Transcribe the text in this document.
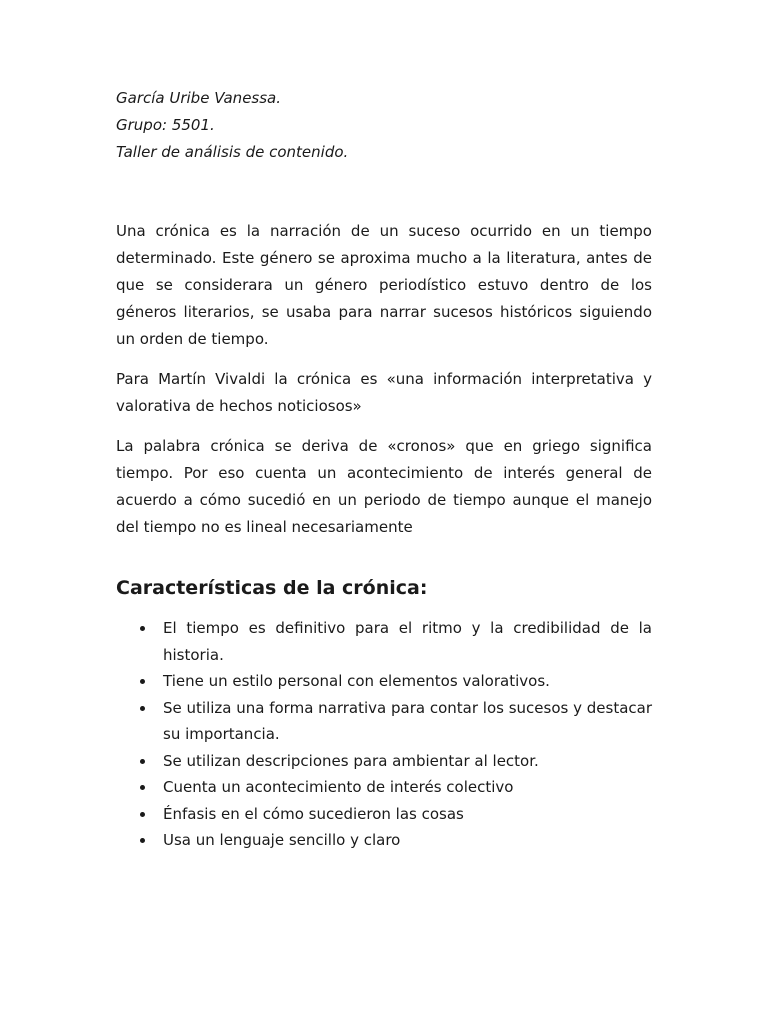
García Uribe Vanessa.

Grupo: 5501.

Taller de análisis de contenido.

Una crónica es la narración de un suceso ocurrido en un tiempo determinado. Este género se aproxima mucho a la literatura, antes de que se considerara un género periodístico estuvo dentro de los géneros literarios, se usaba para narrar sucesos históricos siguiendo un orden de tiempo.

Para Martín Vivaldi la crónica es «una información interpretativa y valorativa de hechos noticiosos»

La palabra crónica se deriva de «cronos» que en griego significa tiempo. Por eso cuenta un acontecimiento de interés general de acuerdo a cómo sucedió en un periodo de tiempo aunque el manejo del tiempo no es lineal necesariamente

Características de la crónica:
El tiempo es definitivo para el ritmo y la credibilidad de la historia.
Tiene un estilo personal con elementos valorativos.
Se utiliza una forma narrativa para contar los sucesos y destacar su importancia.
Se utilizan descripciones para ambientar al lector.
Cuenta un acontecimiento de interés colectivo
Énfasis en el cómo sucedieron las cosas
Usa un lenguaje sencillo y claro
